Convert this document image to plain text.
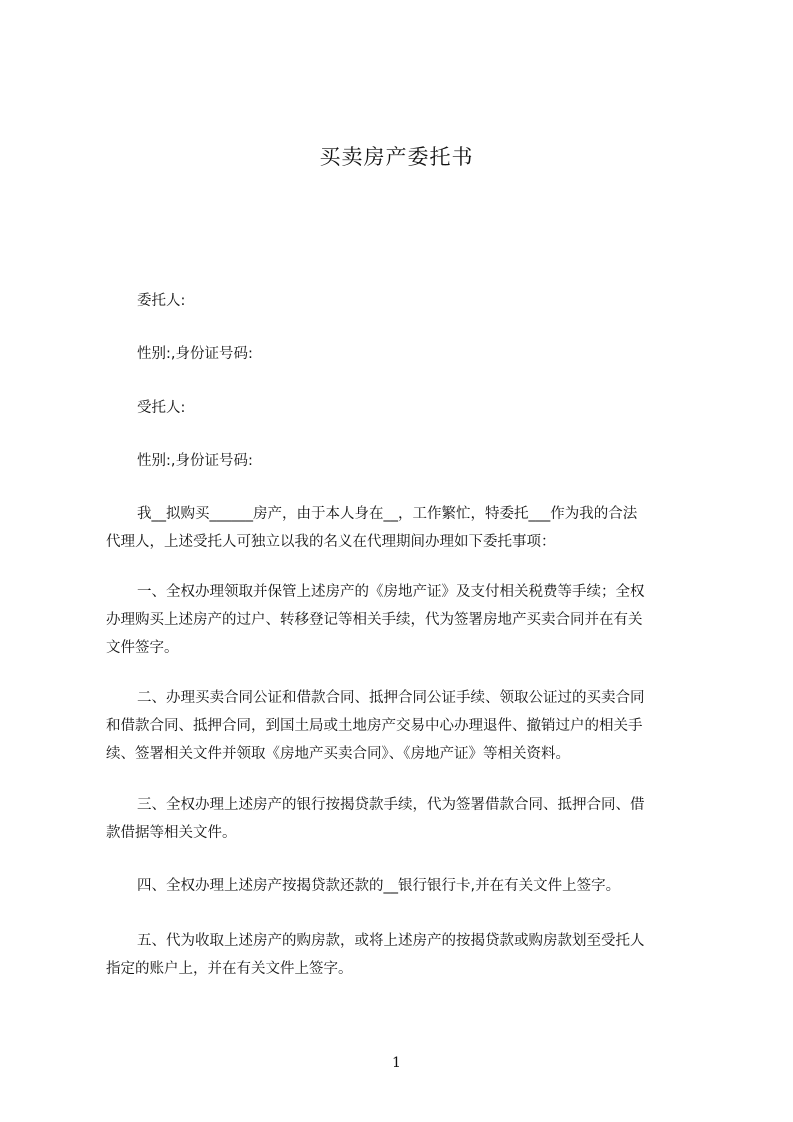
买卖房产委托书
委托人:
性别:,身份证号码:
受托人:
性别:,身份证号码:
我__拟购买______房产，由于本人身在__，工作繁忙，特委托___作为我的合法
代理人，上述受托人可独立以我的名义在代理期间办理如下委托事项：
一、全权办理领取并保管上述房产的《房地产证》及支付相关税费等手续；全权
办理购买上述房产的过户、转移登记等相关手续，代为签署房地产买卖合同并在有关
文件签字。
二、办理买卖合同公证和借款合同、抵押合同公证手续、领取公证过的买卖合同
和借款合同、抵押合同，到国土局或土地房产交易中心办理退件、撤销过户的相关手
续、签署相关文件并领取《房地产买卖合同》、《房地产证》等相关资料。
三、全权办理上述房产的银行按揭贷款手续，代为签署借款合同、抵押合同、借
款借据等相关文件。
四、全权办理上述房产按揭贷款还款的__银行银行卡,并在有关文件上签字。
五、代为收取上述房产的购房款，或将上述房产的按揭贷款或购房款划至受托人
指定的账户上，并在有关文件上签字。
1
